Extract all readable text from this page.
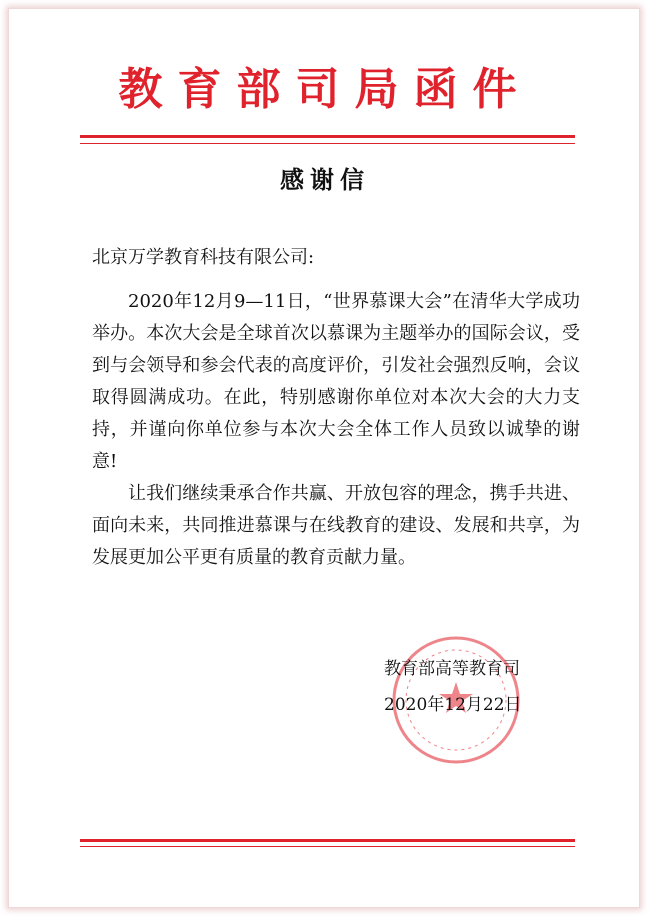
教育部司局函件
感谢信
北京万学教育科技有限公司:

2020年12月9—11日，“世界慕课大会”在清华大学成功举办。本次大会是全球首次以慕课为主题举办的国际会议，受到与会领导和参会代表的高度评价，引发社会强烈反响，会议取得圆满成功。在此，特别感谢你单位对本次大会的大力支持，并谨向你单位参与本次大会全体工作人员致以诚挚的谢意!

让我们继续秉承合作共赢、开放包容的理念，携手共进、面向未来，共同推进慕课与在线教育的建设、发展和共享，为发展更加公平更有质量的教育贡献力量。

教育部高等教育司
2020年12月22日
